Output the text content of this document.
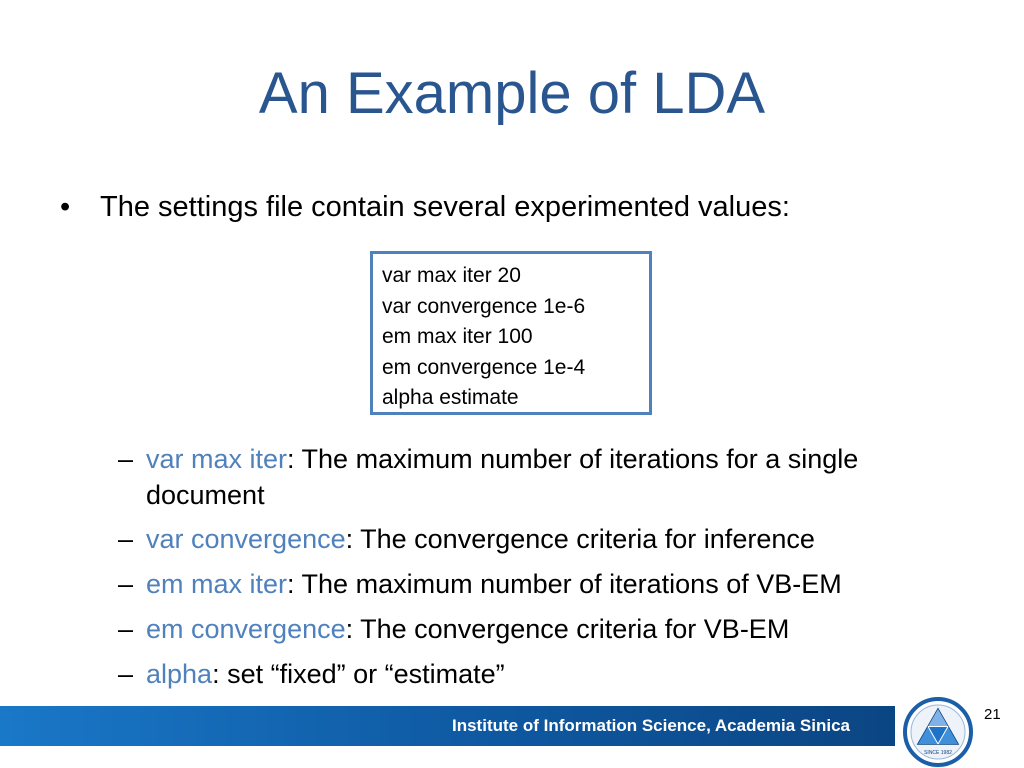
An Example of LDA
•	The settings file contain several experimented values:
var max iter 20
var convergence 1e-6
em max iter 100
em convergence 1e-4
alpha estimate
– var max iter: The maximum number of iterations for a single document
– var convergence: The convergence criteria for inference
– em max iter: The maximum number of iterations of VB-EM
– em convergence: The convergence criteria for VB-EM
– alpha: set “fixed” or “estimate”
Institute of Information Science, Academia Sinica
SINCE 1982
21
